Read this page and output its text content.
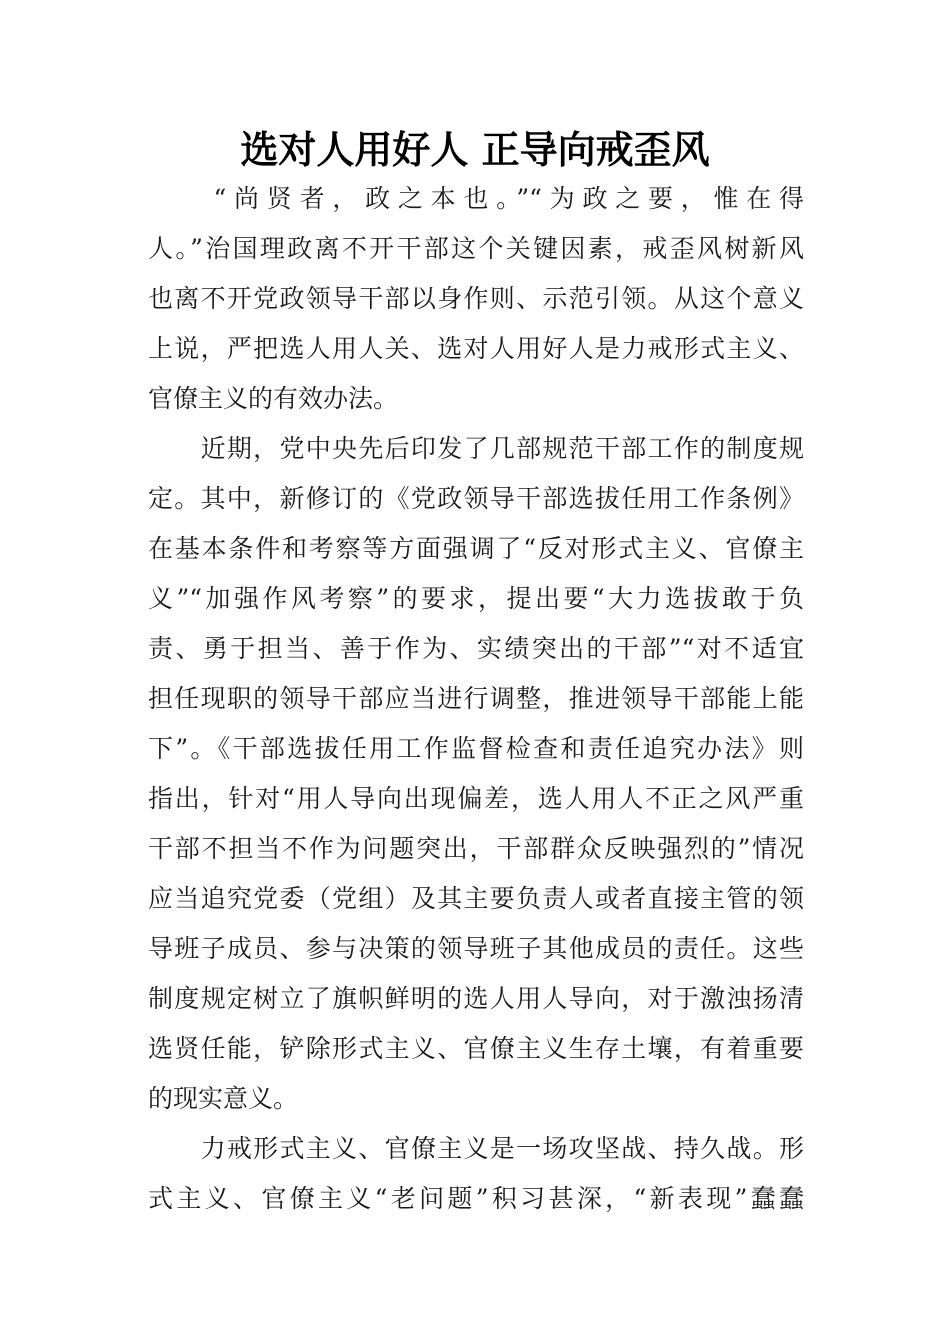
选对人用好人 正导向戒歪风
　　“尚贤者，政之本也。”“为政之要，惟在得
人。”治国理政离不开干部这个关键因素，戒歪风树新风
也离不开党政领导干部以身作则、示范引领。从这个意义
上说，严把选人用人关、选对人用好人是力戒形式主义、
官僚主义的有效办法。
　　近期，党中央先后印发了几部规范干部工作的制度规
定。其中，新修订的《党政领导干部选拔任用工作条例》
在基本条件和考察等方面强调了“反对形式主义、官僚主
义”“加强作风考察”的要求，提出要“大力选拔敢于负
责、勇于担当、善于作为、实绩突出的干部”“对不适宜
担任现职的领导干部应当进行调整，推进领导干部能上能
下”。《干部选拔任用工作监督检查和责任追究办法》则
指出，针对“用人导向出现偏差，选人用人不正之风严重
干部不担当不作为问题突出，干部群众反映强烈的”情况
应当追究党委（党组）及其主要负责人或者直接主管的领
导班子成员、参与决策的领导班子其他成员的责任。这些
制度规定树立了旗帜鲜明的选人用人导向，对于激浊扬清
选贤任能，铲除形式主义、官僚主义生存土壤，有着重要
的现实意义。
　　力戒形式主义、官僚主义是一场攻坚战、持久战。形
式主义、官僚主义“老问题”积习甚深，“新表现”蠢蠢
